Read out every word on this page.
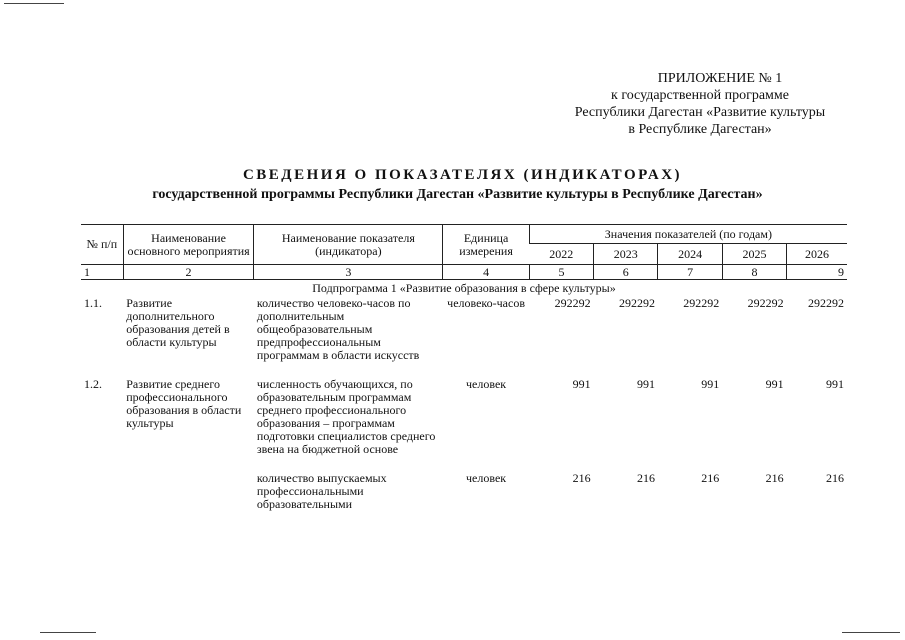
ПРИЛОЖЕНИЕ № 1
к государственной программе
Республики Дагестан «Развитие культуры
в Республике Дагестан»
СВЕДЕНИЯ О ПОКАЗАТЕЛЯХ (ИНДИКАТОРАХ)
государственной программы Республики Дагестан «Развитие культуры в Республике Дагестан»
№ п/п	Наименование основного мероприятия	Наименование показателя (индикатора)	Единица измерения	Значения показателей (по годам)				
				2022	2023	2024	2025	2026
1	2	3	4	5	6	7	8	9
Подпрограмма 1 «Развитие образования в сфере культуры»								
1.1.	Развитие дополнительного образования детей в области культуры	количество человеко-часов по дополнительным общеобразовательным предпрофессиональным программам в области искусств	человеко-часов	292292	292292	292292	292292	292292

1.2.	Развитие среднего профессионального образования в области культуры	численность обучающихся, по образовательным программам среднего профессионального образования – программам подготовки специалистов среднего звена на бюджетной основе	человек	991	991	991	991	991

		количество выпускаемых профессиональными образовательными	человек	216	216	216	216	216
